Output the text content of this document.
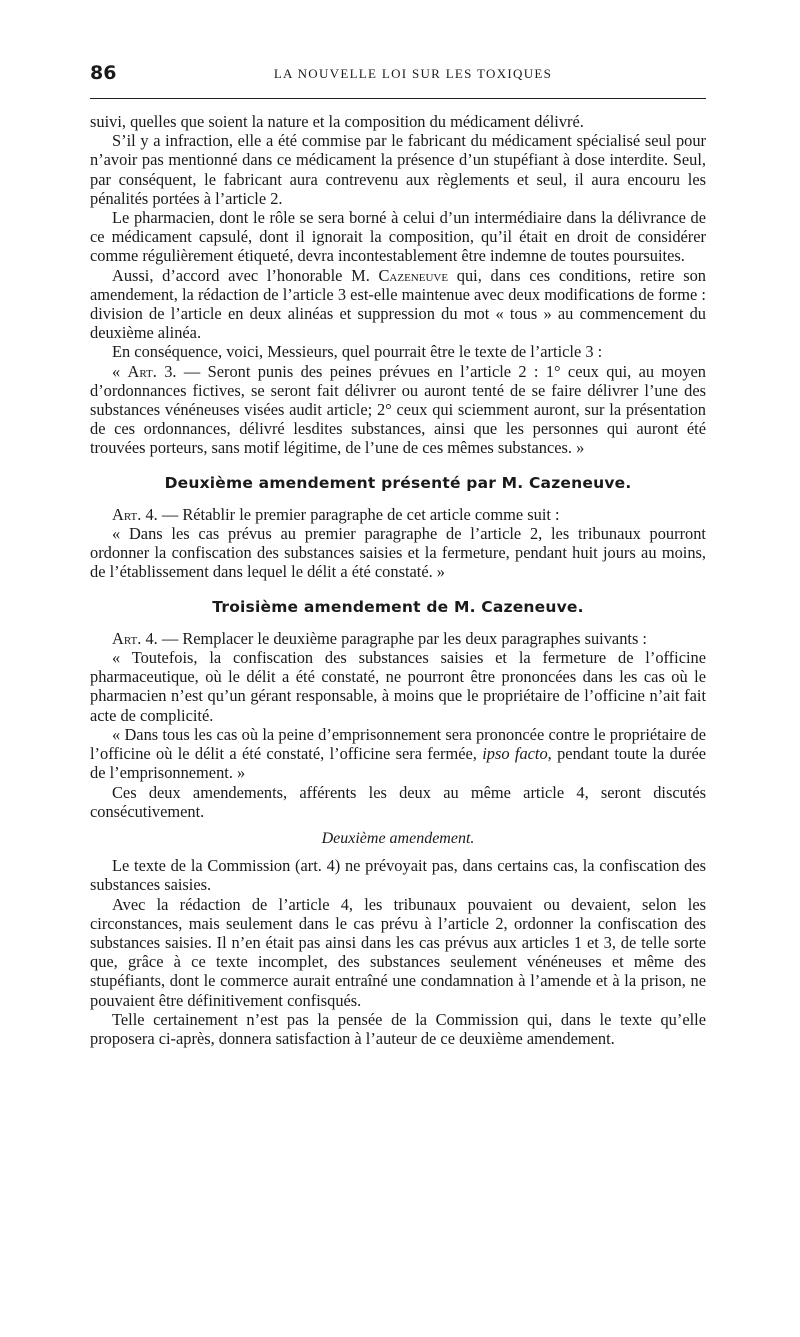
86	LA NOUVELLE LOI SUR LES TOXIQUES

suivi, quelles que soient la nature et la composition du médicament délivré.

S’il y a infraction, elle a été commise par le fabricant du médicament spécialisé seul pour n’avoir pas mentionné dans ce médicament la présence d’un stupéfiant à dose interdite. Seul, par conséquent, le fabricant aura contrevenu aux règlements et seul, il aura encouru les pénalités portées à l’article 2.

Le pharmacien, dont le rôle se sera borné à celui d’un intermédiaire dans la délivrance de ce médicament capsulé, dont il ignorait la composition, qu’il était en droit de considérer comme régulièrement étiqueté, devra incontestablement être indemne de toutes poursuites.

Aussi, d’accord avec l’honorable M. Cazeneuve qui, dans ces conditions, retire son amendement, la rédaction de l’article 3 est-elle maintenue avec deux modifications de forme : division de l’article en deux alinéas et suppression du mot « tous » au commencement du deuxième alinéa.

En conséquence, voici, Messieurs, quel pourrait être le texte de l’article 3 :

« Art. 3. — Seront punis des peines prévues en l’article 2 : 1° ceux qui, au moyen d’ordonnances fictives, se seront fait délivrer ou auront tenté de se faire délivrer l’une des substances vénéneuses visées audit article; 2° ceux qui sciemment auront, sur la présentation de ces ordonnances, délivré lesdites substances, ainsi que les personnes qui auront été trouvées porteurs, sans motif légitime, de l’une de ces mêmes substances. »

Deuxième amendement présenté par M. Cazeneuve.

Art. 4. — Rétablir le premier paragraphe de cet article comme suit :

« Dans les cas prévus au premier paragraphe de l’article 2, les tribunaux pourront ordonner la confiscation des substances saisies et la fermeture, pendant huit jours au moins, de l’établissement dans lequel le délit a été constaté. »

Troisième amendement de M. Cazeneuve.

Art. 4. — Remplacer le deuxième paragraphe par les deux paragraphes suivants :

« Toutefois, la confiscation des substances saisies et la fermeture de l’officine pharmaceutique, où le délit a été constaté, ne pourront être prononcées dans les cas où le pharmacien n’est qu’un gérant responsable, à moins que le propriétaire de l’officine n’ait fait acte de complicité.

« Dans tous les cas où la peine d’emprisonnement sera prononcée contre le propriétaire de l’officine où le délit a été constaté, l’officine sera fermée, ipso facto, pendant toute la durée de l’emprisonnement. »

Ces deux amendements, afférents les deux au même article 4, seront discutés consécutivement.

Deuxième amendement.

Le texte de la Commission (art. 4) ne prévoyait pas, dans certains cas, la confiscation des substances saisies.

Avec la rédaction de l’article 4, les tribunaux pouvaient ou devaient, selon les circonstances, mais seulement dans le cas prévu à l’article 2, ordonner la confiscation des substances saisies. Il n’en était pas ainsi dans les cas prévus aux articles 1 et 3, de telle sorte que, grâce à ce texte incomplet, des substances seulement vénéneuses et même des stupéfiants, dont le commerce aurait entraîné une condamnation à l’amende et à la prison, ne pouvaient être définitivement confisqués.

Telle certainement n’est pas la pensée de la Commission qui, dans le texte qu’elle proposera ci-après, donnera satisfaction à l’auteur de ce deuxième amendement.
